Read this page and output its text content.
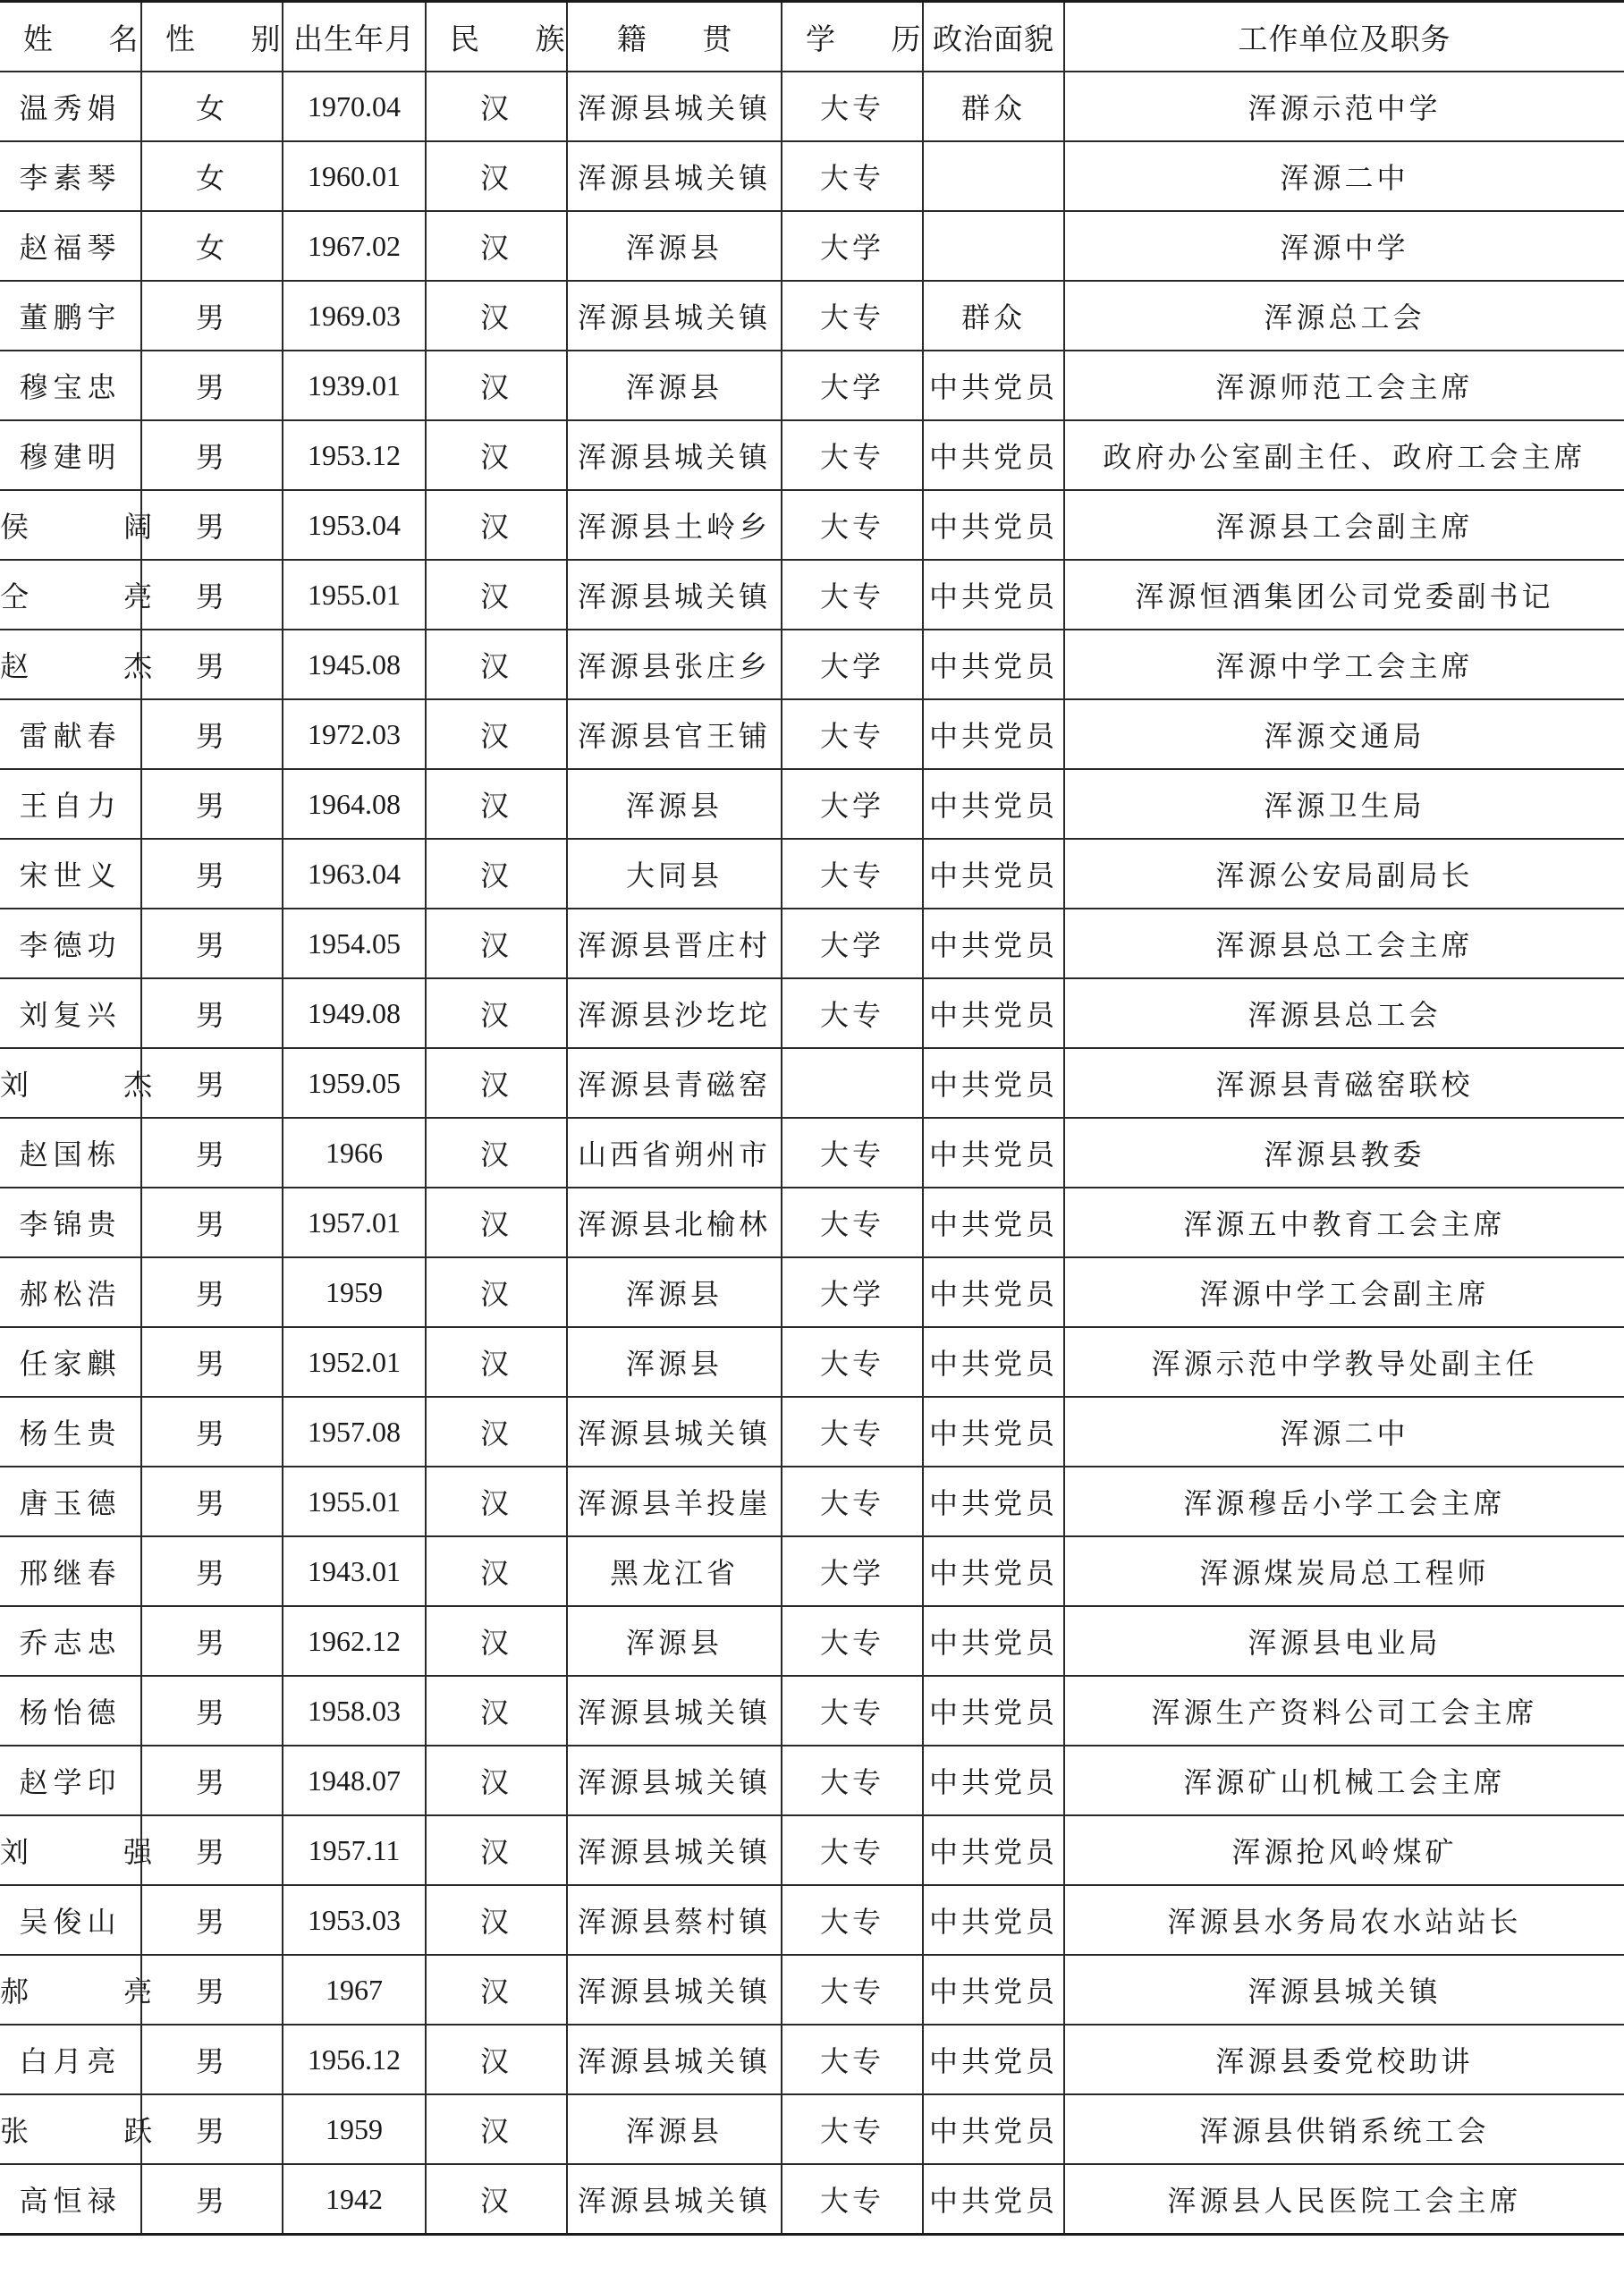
姓 名	性 别	出生年月	民 族	籍 贯	学 历	政治面貌	工作单位及职务
温秀娟	女	1970.04	汉	浑源县城关镇	大专	群众	浑源示范中学
李素琴	女	1960.01	汉	浑源县城关镇	大专		浑源二中
赵福琴	女	1967.02	汉	浑源县	大学		浑源中学
董鹏宇	男	1969.03	汉	浑源县城关镇	大专	群众	浑源总工会
穆宝忠	男	1939.01	汉	浑源县	大学	中共党员	浑源师范工会主席
穆建明	男	1953.12	汉	浑源县城关镇	大专	中共党员	政府办公室副主任、政府工会主席
侯 阔	男	1953.04	汉	浑源县土岭乡	大专	中共党员	浑源县工会副主席
仝 亮	男	1955.01	汉	浑源县城关镇	大专	中共党员	浑源恒酒集团公司党委副书记
赵 杰	男	1945.08	汉	浑源县张庄乡	大学	中共党员	浑源中学工会主席
雷献春	男	1972.03	汉	浑源县官王铺	大专	中共党员	浑源交通局
王自力	男	1964.08	汉	浑源县	大学	中共党员	浑源卫生局
宋世义	男	1963.04	汉	大同县	大专	中共党员	浑源公安局副局长
李德功	男	1954.05	汉	浑源县晋庄村	大学	中共党员	浑源县总工会主席
刘复兴	男	1949.08	汉	浑源县沙圪坨	大专	中共党员	浑源县总工会
刘 杰	男	1959.05	汉	浑源县青磁窑		中共党员	浑源县青磁窑联校
赵国栋	男	1966	汉	山西省朔州市	大专	中共党员	浑源县教委
李锦贵	男	1957.01	汉	浑源县北榆林	大专	中共党员	浑源五中教育工会主席
郝松浩	男	1959	汉	浑源县	大学	中共党员	浑源中学工会副主席
任家麒	男	1952.01	汉	浑源县	大专	中共党员	浑源示范中学教导处副主任
杨生贵	男	1957.08	汉	浑源县城关镇	大专	中共党员	浑源二中
唐玉德	男	1955.01	汉	浑源县羊投崖	大专	中共党员	浑源穆岳小学工会主席
邢继春	男	1943.01	汉	黑龙江省	大学	中共党员	浑源煤炭局总工程师
乔志忠	男	1962.12	汉	浑源县	大专	中共党员	浑源县电业局
杨怡德	男	1958.03	汉	浑源县城关镇	大专	中共党员	浑源生产资料公司工会主席
赵学印	男	1948.07	汉	浑源县城关镇	大专	中共党员	浑源矿山机械工会主席
刘 强	男	1957.11	汉	浑源县城关镇	大专	中共党员	浑源抢风岭煤矿
吴俊山	男	1953.03	汉	浑源县蔡村镇	大专	中共党员	浑源县水务局农水站站长
郝 亮	男	1967	汉	浑源县城关镇	大专	中共党员	浑源县城关镇
白月亮	男	1956.12	汉	浑源县城关镇	大专	中共党员	浑源县委党校助讲
张 跃	男	1959	汉	浑源县	大专	中共党员	浑源县供销系统工会
高恒禄	男	1942	汉	浑源县城关镇	大专	中共党员	浑源县人民医院工会主席
